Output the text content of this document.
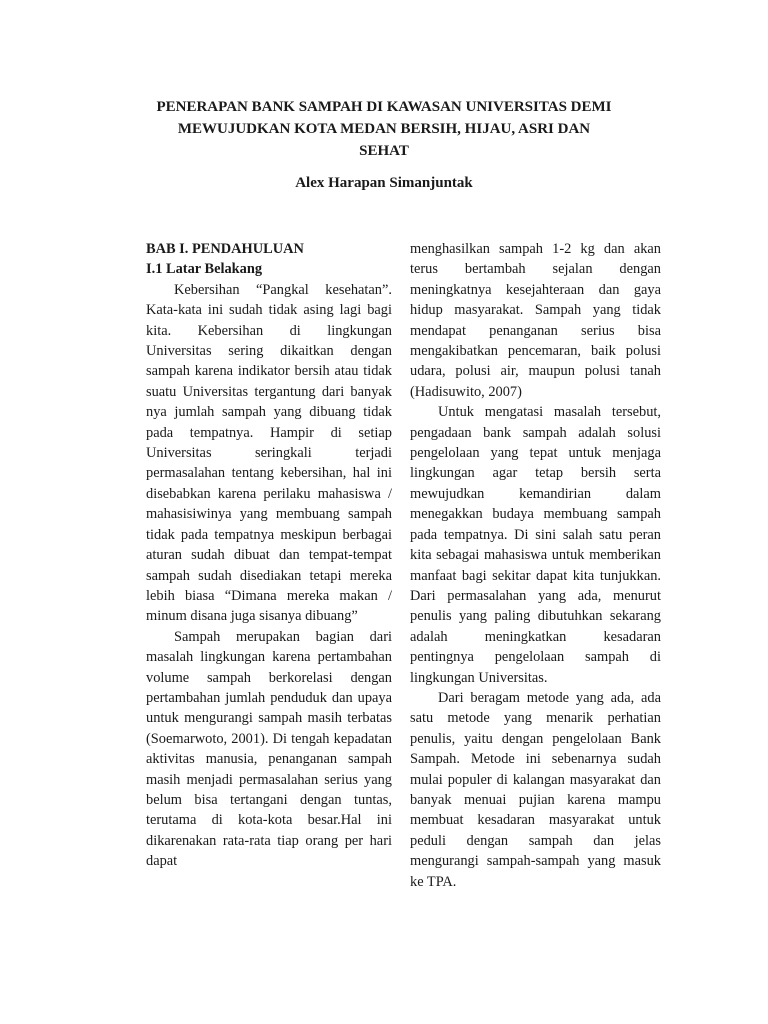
PENERAPAN BANK SAMPAH DI KAWASAN UNIVERSITAS DEMI
MEWUJUDKAN KOTA MEDAN BERSIH, HIJAU, ASRI DAN
SEHAT

Alex Harapan Simanjuntak

BAB I. PENDAHULUAN

I.1 Latar Belakang

Kebersihan “Pangkal kesehatan”. Kata-kata ini sudah tidak asing lagi bagi kita. Kebersihan di lingkungan Universitas sering dikaitkan dengan sampah karena indikator bersih atau tidak suatu Universitas tergantung dari banyak nya jumlah sampah yang dibuang tidak pada tempatnya. Hampir di setiap Universitas seringkali terjadi permasalahan tentang kebersihan, hal ini disebabkan karena perilaku mahasiswa / mahasisiwinya yang membuang sampah tidak pada tempatnya meskipun berbagai aturan sudah dibuat dan tempat-tempat sampah sudah disediakan tetapi mereka lebih biasa “Dimana mereka makan / minum disana juga sisanya dibuang”

Sampah merupakan bagian dari masalah lingkungan karena pertambahan volume sampah berkorelasi dengan pertambahan jumlah penduduk dan upaya untuk mengurangi sampah masih terbatas (Soemarwoto, 2001). Di tengah kepadatan aktivitas manusia, penanganan sampah masih menjadi permasalahan serius yang belum bisa tertangani dengan tuntas, terutama di kota-kota besar.Hal ini dikarenakan rata-rata tiap orang per hari dapat

menghasilkan sampah 1-2 kg dan akan terus bertambah sejalan dengan meningkatnya kesejahteraan dan gaya hidup masyarakat. Sampah yang tidak mendapat penanganan serius bisa mengakibatkan pencemaran, baik polusi udara, polusi air, maupun polusi tanah (Hadisuwito, 2007)

Untuk mengatasi masalah tersebut, pengadaan bank sampah adalah solusi pengelolaan yang tepat untuk menjaga lingkungan agar tetap bersih serta mewujudkan kemandirian dalam menegakkan budaya membuang sampah pada tempatnya. Di sini salah satu peran kita sebagai mahasiswa untuk memberikan manfaat bagi sekitar dapat kita tunjukkan. Dari permasalahan yang ada, menurut penulis yang paling dibutuhkan sekarang adalah meningkatkan kesadaran pentingnya pengelolaan sampah di lingkungan Universitas.

Dari beragam metode yang ada, ada satu metode yang menarik perhatian penulis, yaitu dengan pengelolaan Bank Sampah. Metode ini sebenarnya sudah mulai populer di kalangan masyarakat dan banyak menuai pujian karena mampu membuat kesadaran masyarakat untuk peduli dengan sampah dan jelas mengurangi sampah-sampah yang masuk ke TPA.
